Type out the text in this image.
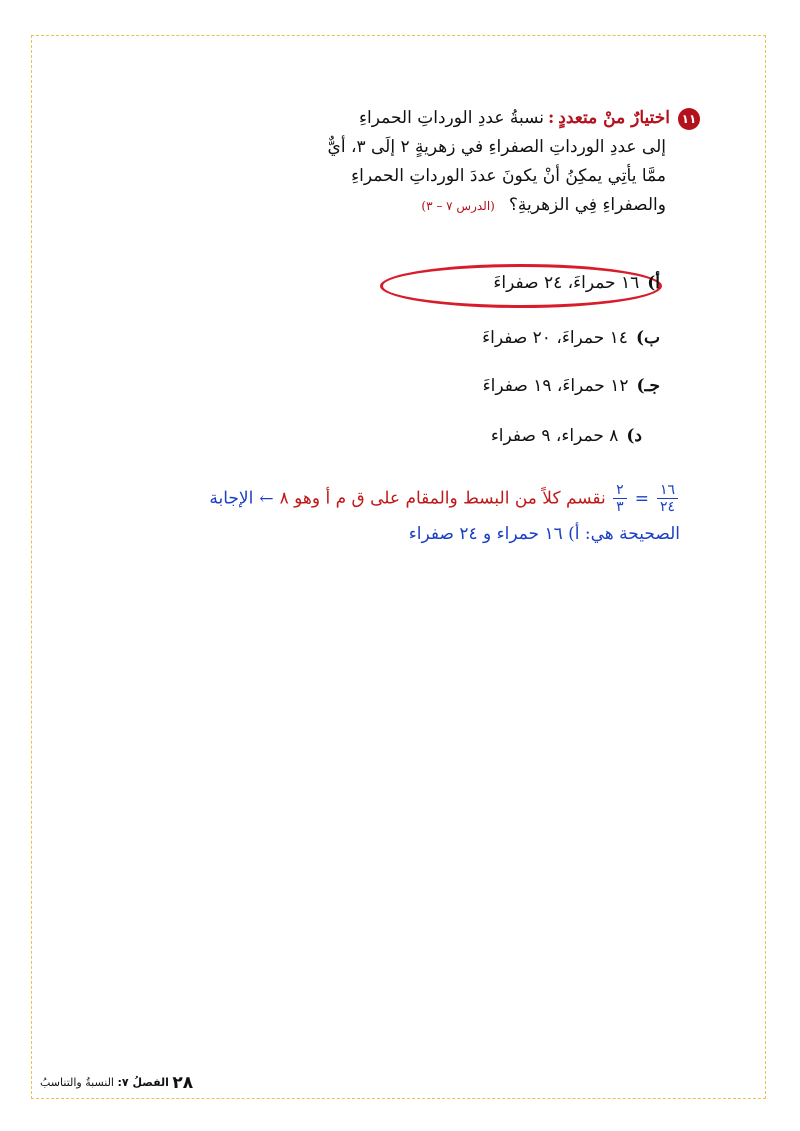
١١اختيارٌ منْ متعددٍ:نسبةُ عددِ الورداتِ الحمراءِ
إلى عددِ الورداتِ الصفراءِ في زهريةٍ ٢ إلَى ٣، أيٌّ
ممَّا يأتِي يمكِنُ أنْ يكونَ عددَ الورداتِ الحمراءِ
والصفراءِ فِي الزهريةِ؟(الدرس ٧ – ٣)
أ)١٦ حمراءَ، ٢٤ صفراءَ
ب)١٤ حمراءَ، ٢٠ صفراءَ
جـ)١٢ حمراءَ، ١٩ صفراءَ
د)٨ حمراء، ٩ صفراء
$\frac{١٦}{٢٤}$
=
$\frac{٢}{٣}$
نقسم كلاً من البسط والمقام على ق م أ وهو ٨←الإجابة
الصحيحة هي: أ) ١٦ حمراء و ٢٤ صفراء
٢٨ الفصلُ ٧: النسبةُ والتناسبُ
